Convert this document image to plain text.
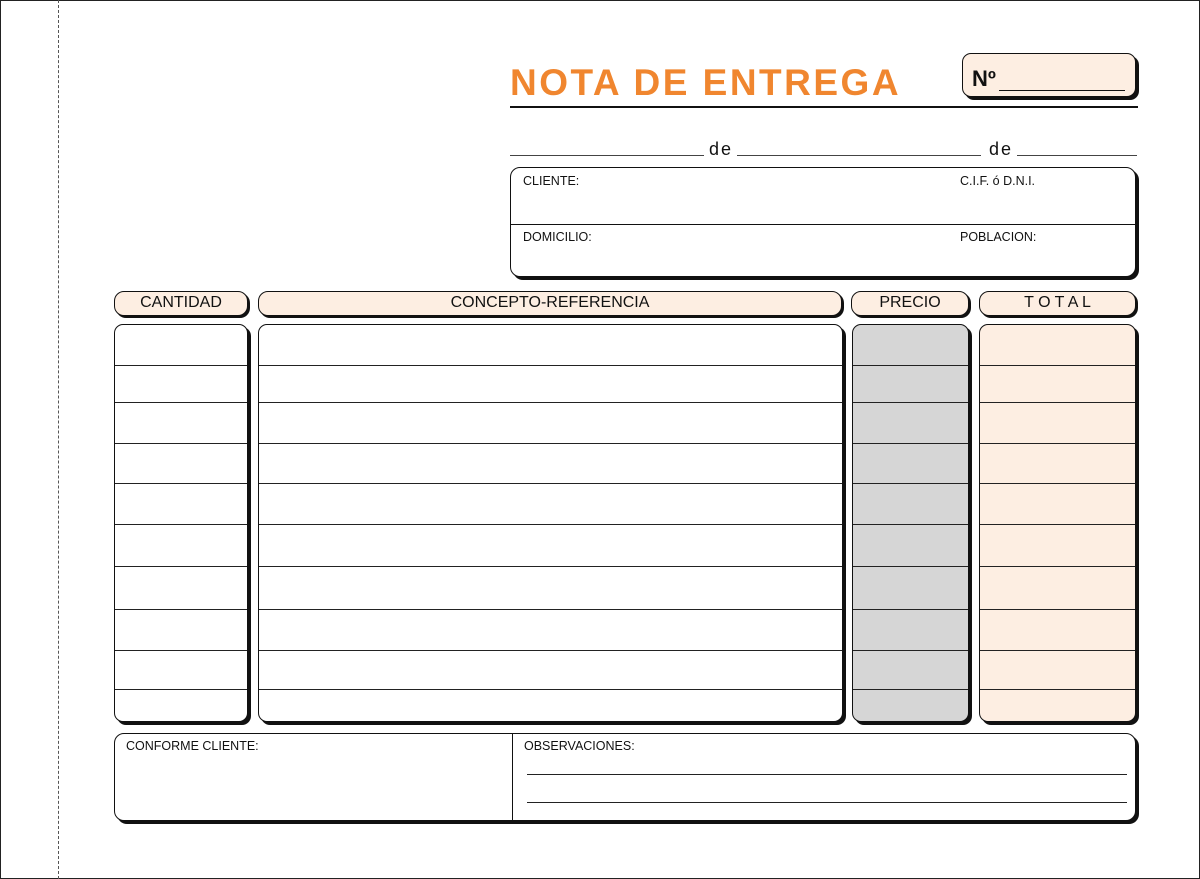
NOTA DE ENTREGA	Nº
de	de
CLIENTE:	C.I.F. ó D.N.I.
DOMICILIO:	POBLACION:
CANTIDAD	CONCEPTO-REFERENCIA	PRECIO	T O T A L
CONFORME CLIENTE:	OBSERVACIONES:
